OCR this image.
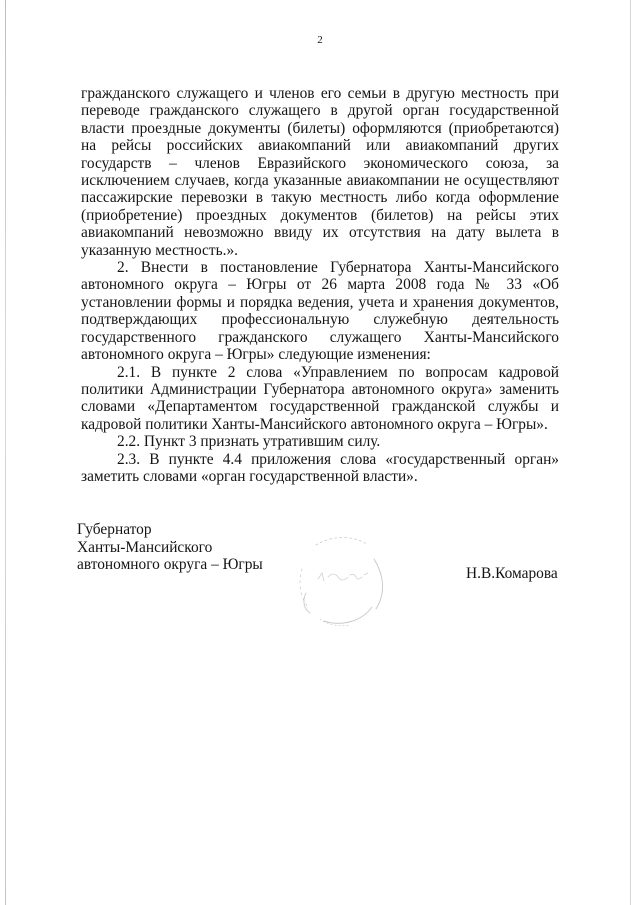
2

гражданского служащего и членов его семьи в другую местность при переводе гражданского служащего в другой орган государственной власти проездные документы (билеты) оформляются (приобретаются) на рейсы российских авиакомпаний или авиакомпаний других государств – членов Евразийского экономического союза, за исключением случаев, когда указанные авиакомпании не осуществляют пассажирские перевозки в такую местность либо когда оформление (приобретение) проездных документов (билетов) на рейсы этих авиакомпаний невозможно ввиду их отсутствия на дату вылета в указанную местность.».

2. Внести в постановление Губернатора Ханты-Мансийского автономного округа – Югры от 26 марта 2008 года № 33 «Об установлении формы и порядка ведения, учета и хранения документов, подтверждающих профессиональную служебную деятельность государственного гражданского служащего Ханты-Мансийского автономного округа – Югры» следующие изменения:

2.1. В пункте 2 слова «Управлением по вопросам кадровой политики Администрации Губернатора автономного округа» заменить словами «Департаментом государственной гражданской службы и кадровой политики Ханты-Мансийского автономного округа – Югры».

2.2. Пункт 3 признать утратившим силу.

2.3. В пункте 4.4 приложения слова «государственный орган» заметить словами «орган государственной власти».

Губернатор
Ханты-Мансийского
автономного округа – Югры
Н.В.Комарова
